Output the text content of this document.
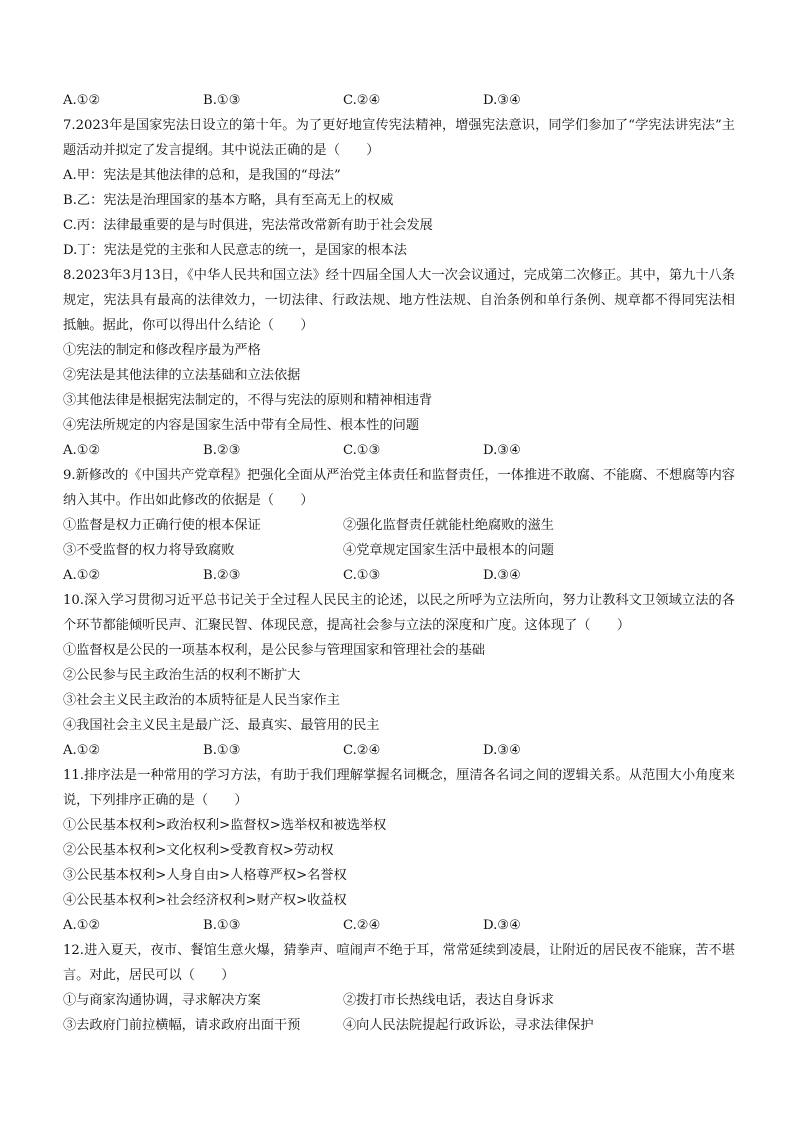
A.①②	B.①③	C.②④	D.③④
7.2023年是国家宪法日设立的第十年。为了更好地宣传宪法精神，增强宪法意识，同学们参加了“学宪法讲宪法”主题活动并拟定了发言提纲。其中说法正确的是（　　）
A.甲：宪法是其他法律的总和，是我国的“母法”
B.乙：宪法是治理国家的基本方略，具有至高无上的权威
C.丙：法律最重要的是与时俱进，宪法常改常新有助于社会发展
D.丁：宪法是党的主张和人民意志的统一，是国家的根本法
8.2023年3月13日，《中华人民共和国立法》经十四届全国人大一次会议通过，完成第二次修正。其中，第九十八条规定，宪法具有最高的法律效力，一切法律、行政法规、地方性法规、自治条例和单行条例、规章都不得同宪法相抵触。据此，你可以得出什么结论（　　）
①宪法的制定和修改程序最为严格
②宪法是其他法律的立法基础和立法依据
③其他法律是根据宪法制定的，不得与宪法的原则和精神相违背
④宪法所规定的内容是国家生活中带有全局性、根本性的问题
A.①②	B.②③	C.①③	D.③④
9.新修改的《中国共产党章程》把强化全面从严治党主体责任和监督责任，一体推进不敢腐、不能腐、不想腐等内容纳入其中。作出如此修改的依据是（　　）
①监督是权力正确行使的根本保证	②强化监督责任就能杜绝腐败的滋生
③不受监督的权力将导致腐败	④党章规定国家生活中最根本的问题
A.①②	B.②③	C.①③	D.③④
10.深入学习贯彻习近平总书记关于全过程人民民主的论述，以民之所呼为立法所向，努力让教科文卫领域立法的各个环节都能倾听民声、汇聚民智、体现民意，提高社会参与立法的深度和广度。这体现了（　　）
①监督权是公民的一项基本权利，是公民参与管理国家和管理社会的基础
②公民参与民主政治生活的权利不断扩大
③社会主义民主政治的本质特征是人民当家作主
④我国社会主义民主是最广泛、最真实、最管用的民主
A.①②	B.①③	C.②④	D.③④
11.排序法是一种常用的学习方法，有助于我们理解掌握名词概念，厘清各名词之间的逻辑关系。从范围大小角度来说，下列排序正确的是（　　）
①公民基本权利>政治权利>监督权>选举权和被选举权
②公民基本权利>文化权利>受教育权>劳动权
③公民基本权利>人身自由>人格尊严权>名誉权
④公民基本权利>社会经济权利>财产权>收益权
A.①②	B.①③	C.②④	D.③④
12.进入夏天，夜市、餐馆生意火爆，猜拳声、喧闹声不绝于耳，常常延续到凌晨，让附近的居民夜不能寐，苦不堪言。对此，居民可以（　　）
①与商家沟通协调，寻求解决方案	②拨打市长热线电话，表达自身诉求
③去政府门前拉横幅，请求政府出面干预	④向人民法院提起行政诉讼，寻求法律保护
